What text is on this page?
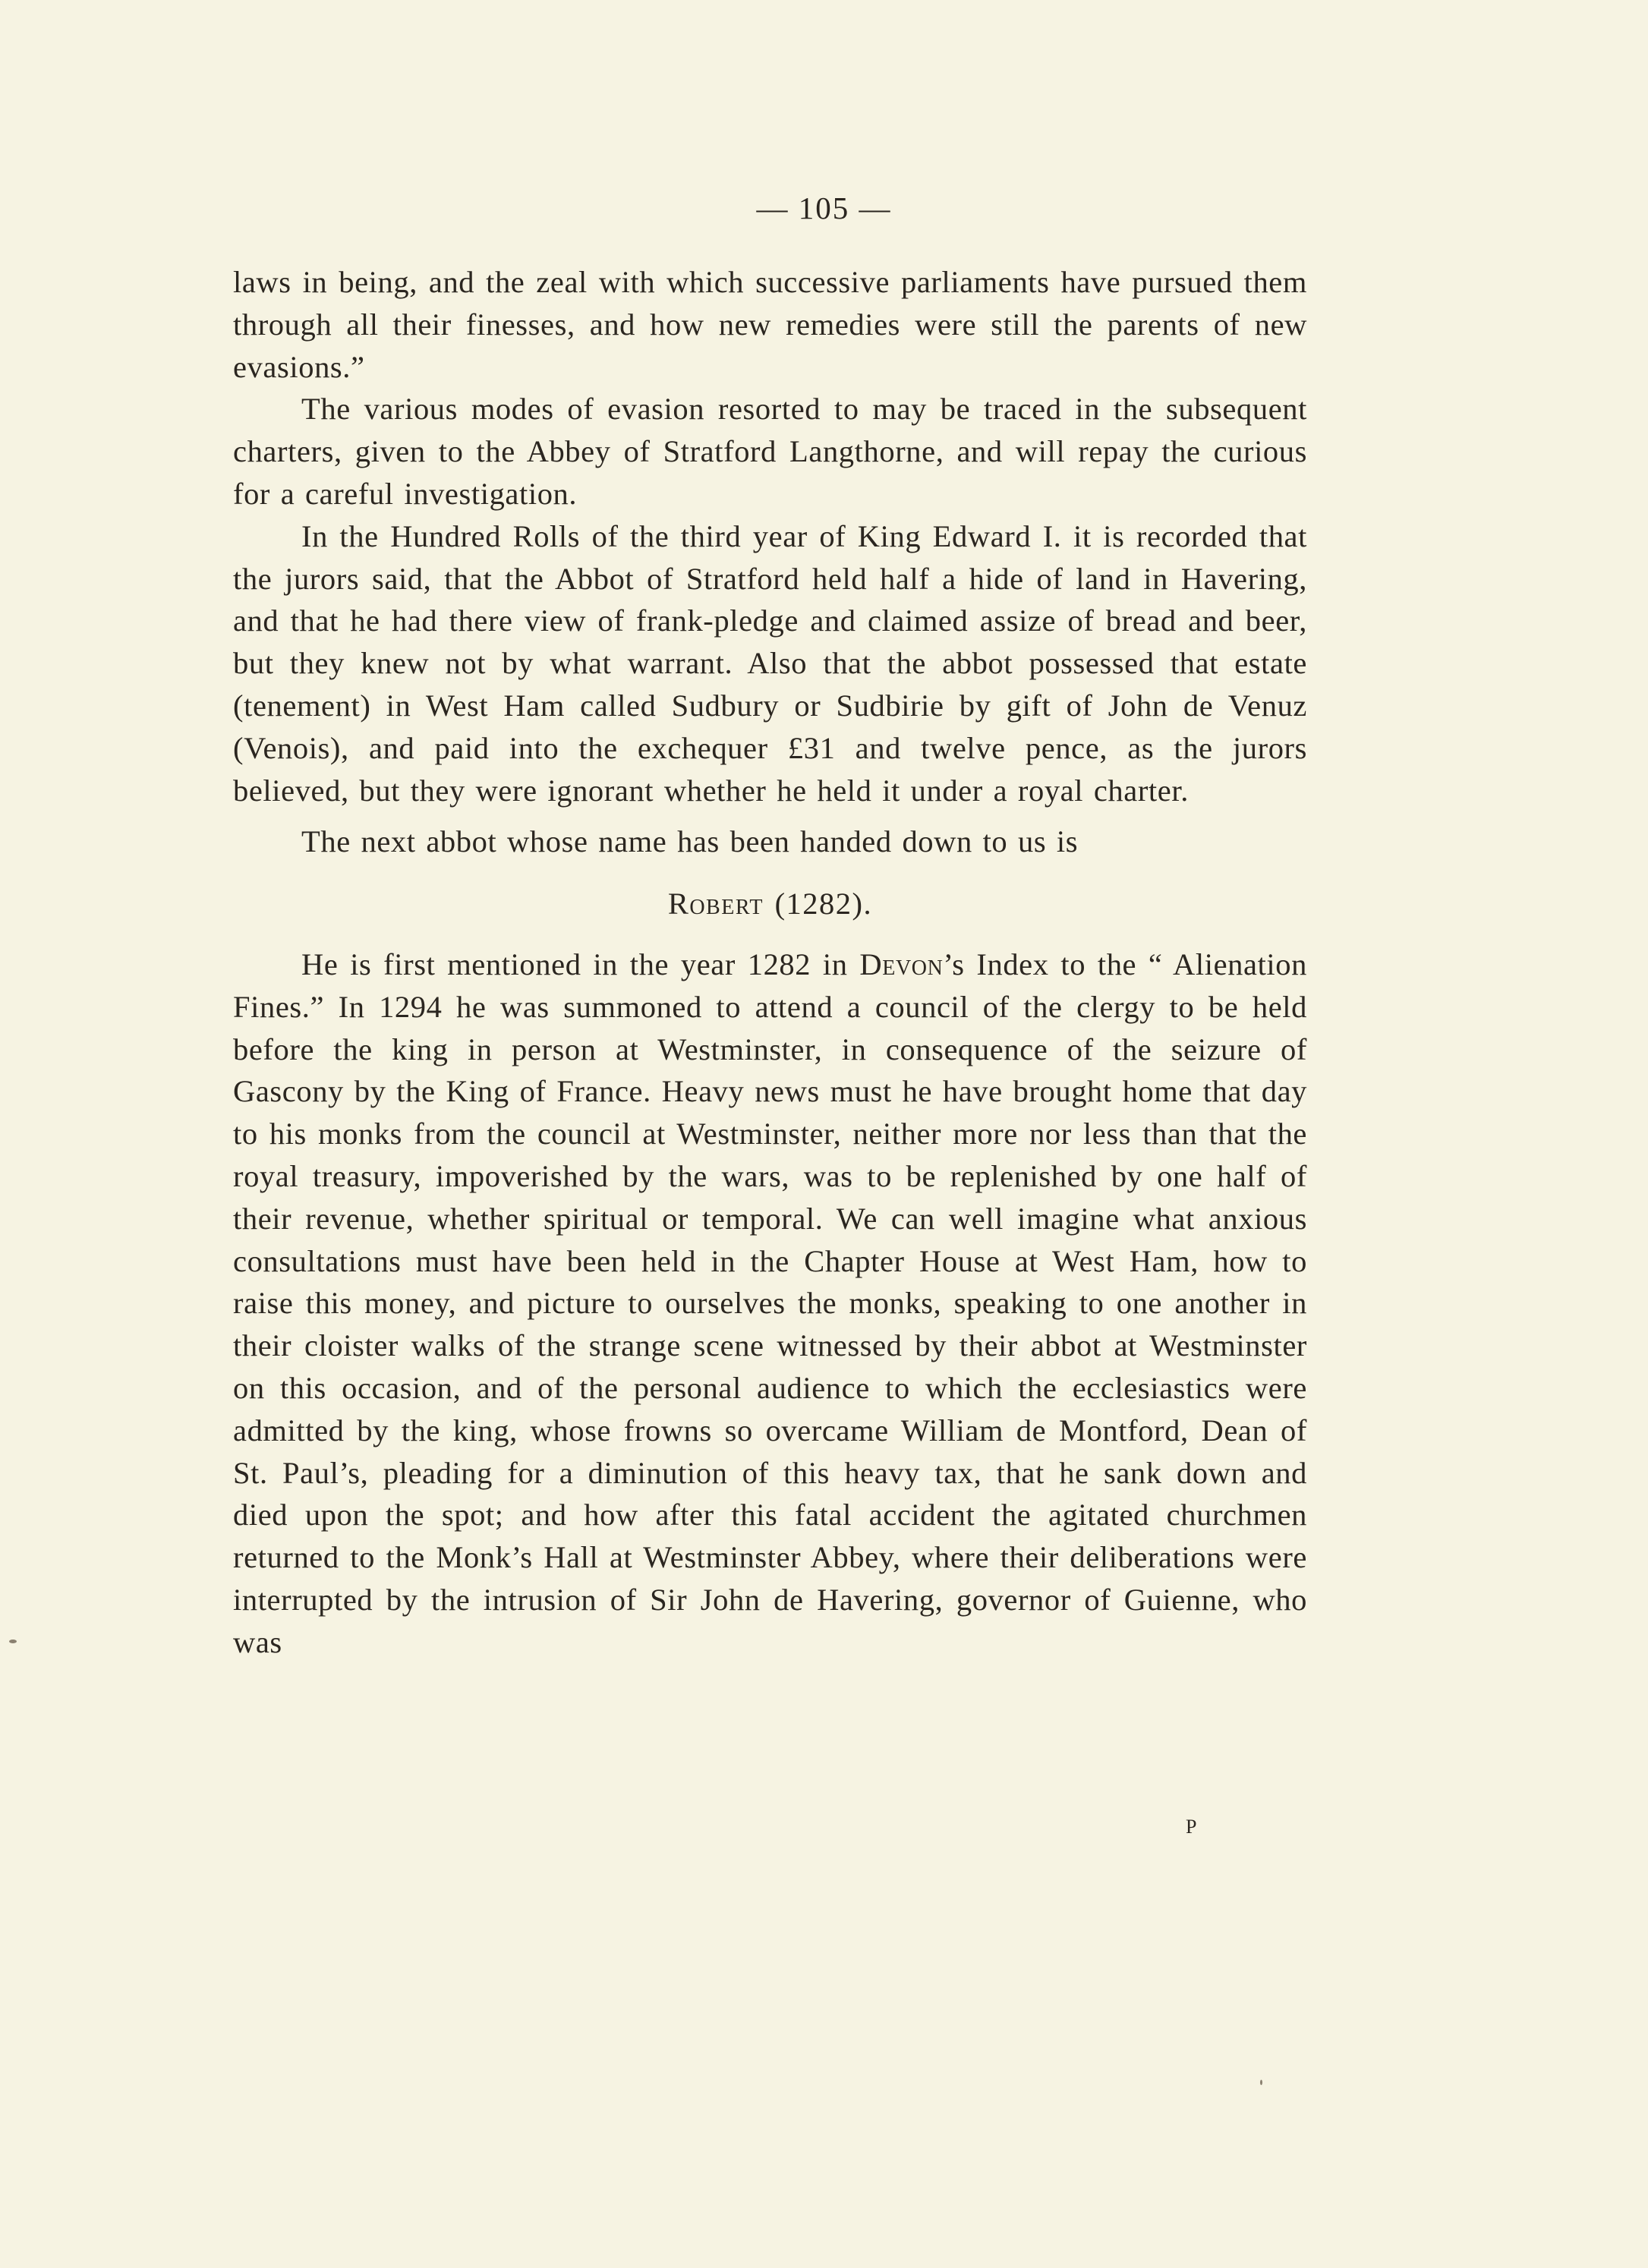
— 105 —

laws in being, and the zeal with which successive parliaments have pursued them through all their finesses, and how new remedies were still the parents of new evasions.”

The various modes of evasion resorted to may be traced in the subsequent charters, given to the Abbey of Stratford Langthorne, and will repay the curious for a careful investigation.

In the Hundred Rolls of the third year of King Edward I. it is recorded that the jurors said, that the Abbot of Stratford held half a hide of land in Havering, and that he had there view of frank-pledge and claimed assize of bread and beer, but they knew not by what warrant. Also that the abbot possessed that estate (tenement) in West Ham called Sudbury or Sudbirie by gift of John de Venuz (Venois), and paid into the exchequer £31 and twelve pence, as the jurors believed, but they were ignorant whether he held it under a royal charter.

The next abbot whose name has been handed down to us is

Robert (1282).

He is first mentioned in the year 1282 in Devon’s Index to the “ Alienation Fines.” In 1294 he was summoned to attend a council of the clergy to be held before the king in person at Westminster, in consequence of the seizure of Gascony by the King of France. Heavy news must he have brought home that day to his monks from the council at Westminster, neither more nor less than that the royal treasury, impoverished by the wars, was to be replenished by one half of their revenue, whether spiritual or temporal. We can well imagine what anxious consultations must have been held in the Chapter House at West Ham, how to raise this money, and picture to ourselves the monks, speaking to one another in their cloister walks of the strange scene witnessed by their abbot at Westminster on this occasion, and of the personal audience to which the ecclesiastics were admitted by the king, whose frowns so overcame William de Montford, Dean of St. Paul’s, pleading for a diminution of this heavy tax, that he sank down and died upon the spot; and how after this fatal accident the agitated churchmen returned to the Monk’s Hall at Westminster Abbey, where their deliberations were interrupted by the intrusion of Sir John de Havering, governor of Guienne, who was

P
